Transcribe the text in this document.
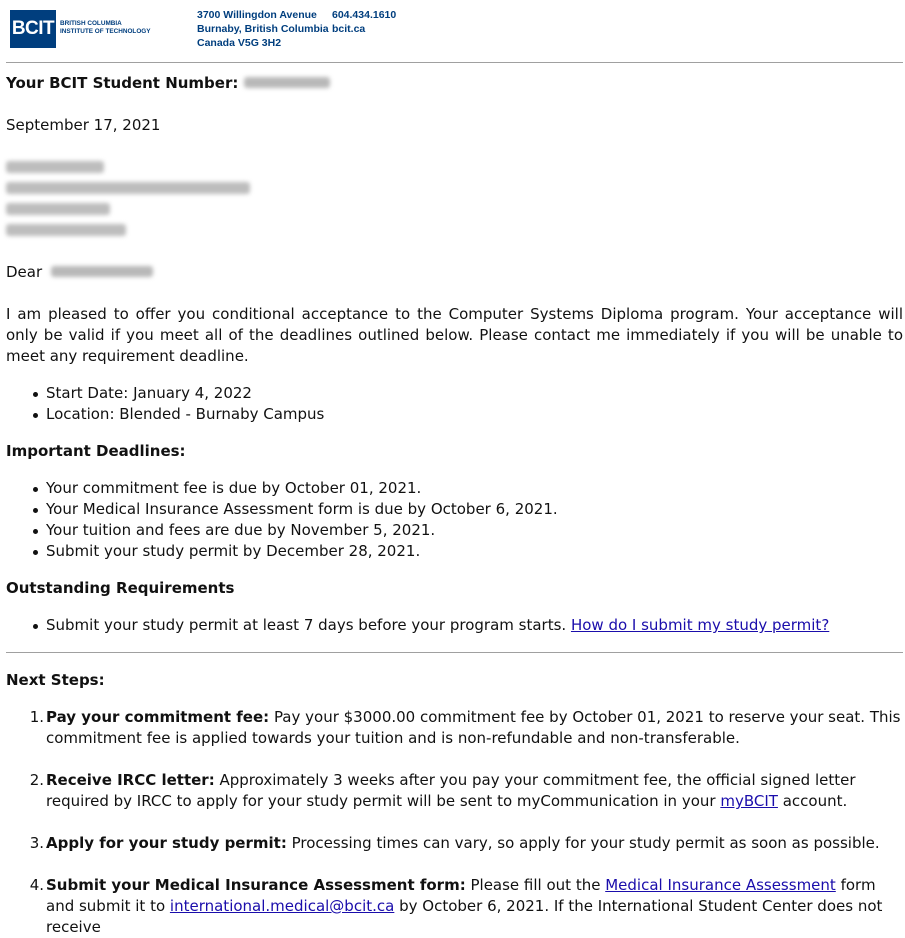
BCIT BRITISH COLUMBIA
INSTITUTE OF TECHNOLOGY
3700 Willingdon Avenue
Burnaby, British Columbia
Canada V5G 3H2
604.434.1610
bcit.ca
Your BCIT Student Number:
September 17, 2021
Dear
I am pleased to offer you conditional acceptance to the Computer Systems Diploma program. Your acceptance will only be valid if you meet all of the deadlines outlined below. Please contact me immediately if you will be unable to meet any requirement deadline.
Start Date: January 4, 2022
Location: Blended - Burnaby Campus
Important Deadlines:
Your commitment fee is due by October 01, 2021.
Your Medical Insurance Assessment form is due by October 6, 2021.
Your tuition and fees are due by November 5, 2021.
Submit your study permit by December 28, 2021.
Outstanding Requirements
Submit your study permit at least 7 days before your program starts. How do I submit my study permit?
Next Steps:
1. Pay your commitment fee: Pay your $3000.00 commitment fee by October 01, 2021 to reserve your seat. This commitment fee is applied towards your tuition and is non-refundable and non-transferable.
2. Receive IRCC letter: Approximately 3 weeks after you pay your commitment fee, the official signed letter required by IRCC to apply for your study permit will be sent to myCommunication in your myBCIT account.
3. Apply for your study permit: Processing times can vary, so apply for your study permit as soon as possible.
4. Submit your Medical Insurance Assessment form: Please fill out the Medical Insurance Assessment form and submit it to international.medical@bcit.ca by October 6, 2021. If the International Student Center does not receive
